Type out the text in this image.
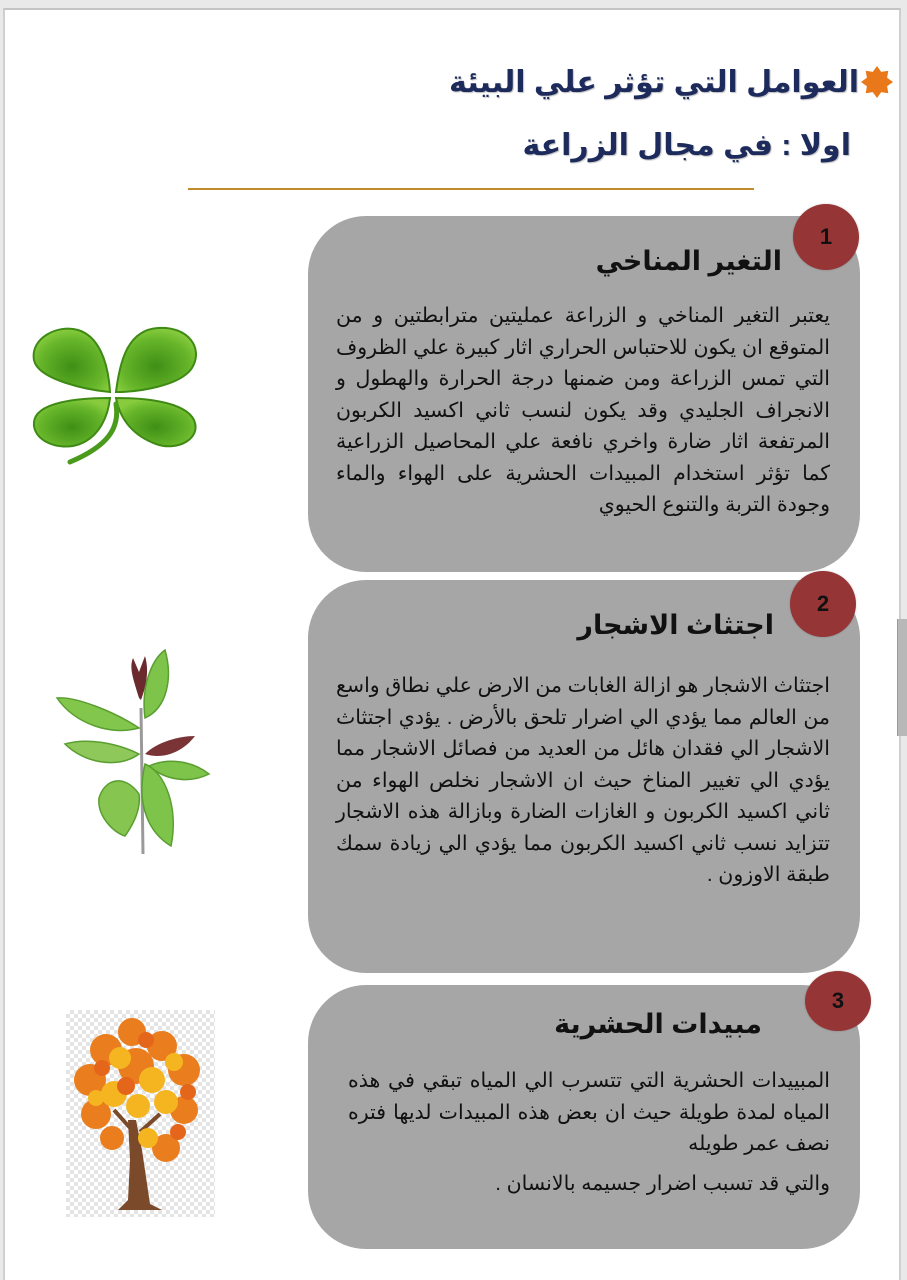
العوامل التي تؤثر علي البيئة
اولا : في مجال الزراعة
التغير المناخي

يعتبر التغير المناخي و الزراعة عمليتين مترابطتين و من المتوقع ان يكون للاحتباس الحراري اثار كبيرة علي الظروف التي تمس الزراعة ومن ضمنها درجة الحرارة والهطول و الانجراف الجليدي وقد يكون لنسب ثاني اكسيد الكربون المرتفعة اثار ضارة واخري نافعة علي المحاصيل الزراعية كما تؤثر استخدام المبيدات الحشرية على الهواء والماء وجودة التربة والتنوع الحيوي

1
اجتثاث الاشجار

اجتثاث الاشجار هو ازالة الغابات من الارض علي نطاق واسع من العالم مما يؤدي الي اضرار تلحق بالأرض . يؤدي اجتثاث الاشجار الي فقدان هائل من العديد من فصائل الاشجار مما يؤدي الي تغيير المناخ حيث ان الاشجار نخلص الهواء من ثاني اكسيد الكربون و الغازات الضارة وبازالة هذه الاشجار تتزايد نسب ثاني اكسيد الكربون مما يؤدي الي زيادة سمك طبقة الاوزون .

2
مبيدات الحشرية

المبييدات الحشرية التي تتسرب الي المياه تبقي في هذه المياه لمدة طويلة حيث ان بعض هذه المبيدات لديها فتره نصف عمر طويله

والتي قد تسبب اضرار جسيمه بالانسان .

3
